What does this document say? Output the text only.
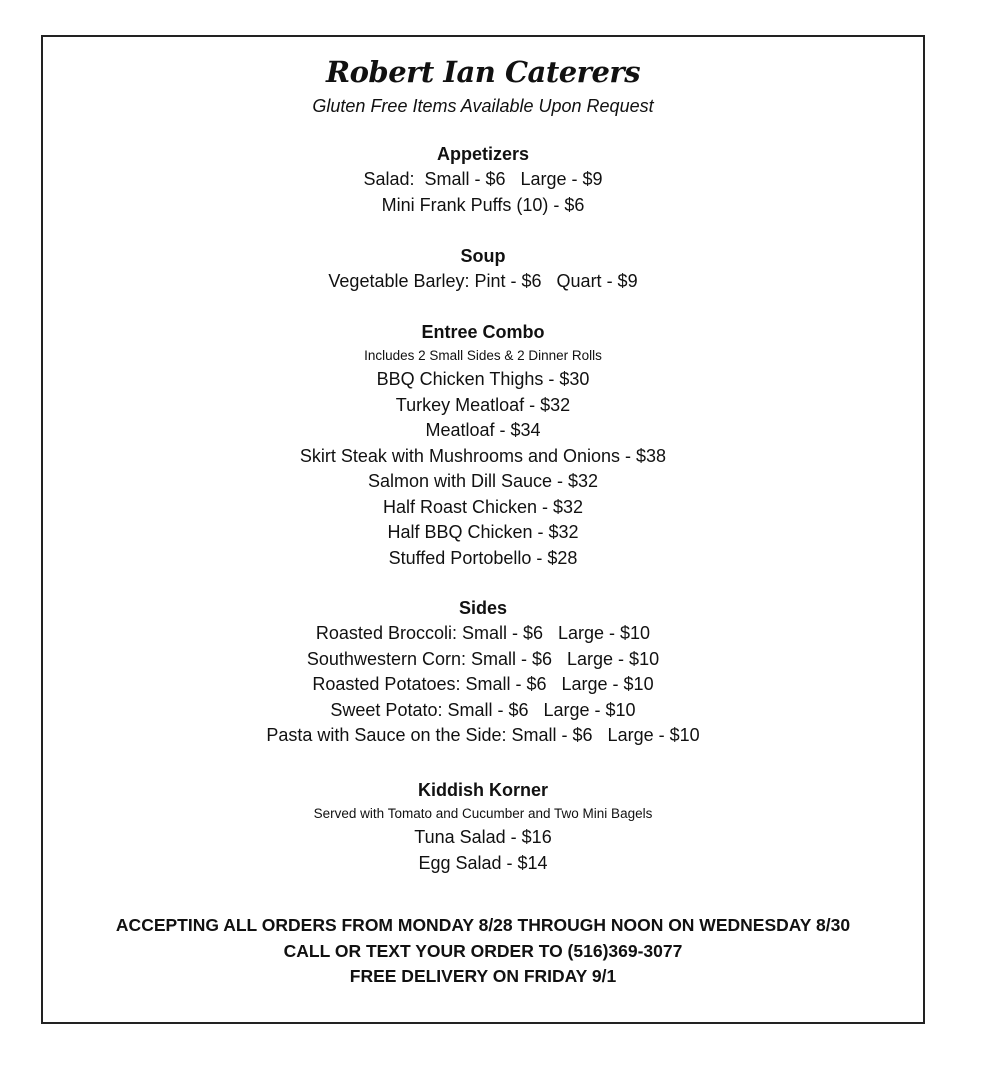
Robert Ian Caterers
Gluten Free Items Available Upon Request
Appetizers
Salad:  Small - $6   Large - $9
Mini Frank Puffs (10) - $6
Soup
Vegetable Barley: Pint - $6   Quart - $9
Entree Combo
Includes 2 Small Sides & 2 Dinner Rolls
BBQ Chicken Thighs - $30
Turkey Meatloaf - $32
Meatloaf - $34
Skirt Steak with Mushrooms and Onions - $38
Salmon with Dill Sauce - $32
Half Roast Chicken - $32
Half BBQ Chicken - $32
Stuffed Portobello - $28
Sides
Roasted Broccoli: Small - $6   Large - $10
Southwestern Corn: Small - $6   Large - $10
Roasted Potatoes: Small - $6   Large - $10
Sweet Potato: Small - $6   Large - $10
Pasta with Sauce on the Side: Small - $6   Large - $10
Kiddish Korner
Served with Tomato and Cucumber and Two Mini Bagels
Tuna Salad - $16
Egg Salad - $14
ACCEPTING ALL ORDERS FROM MONDAY 8/28 THROUGH NOON ON WEDNESDAY 8/30
CALL OR TEXT YOUR ORDER TO (516)369-3077
FREE DELIVERY ON FRIDAY 9/1
